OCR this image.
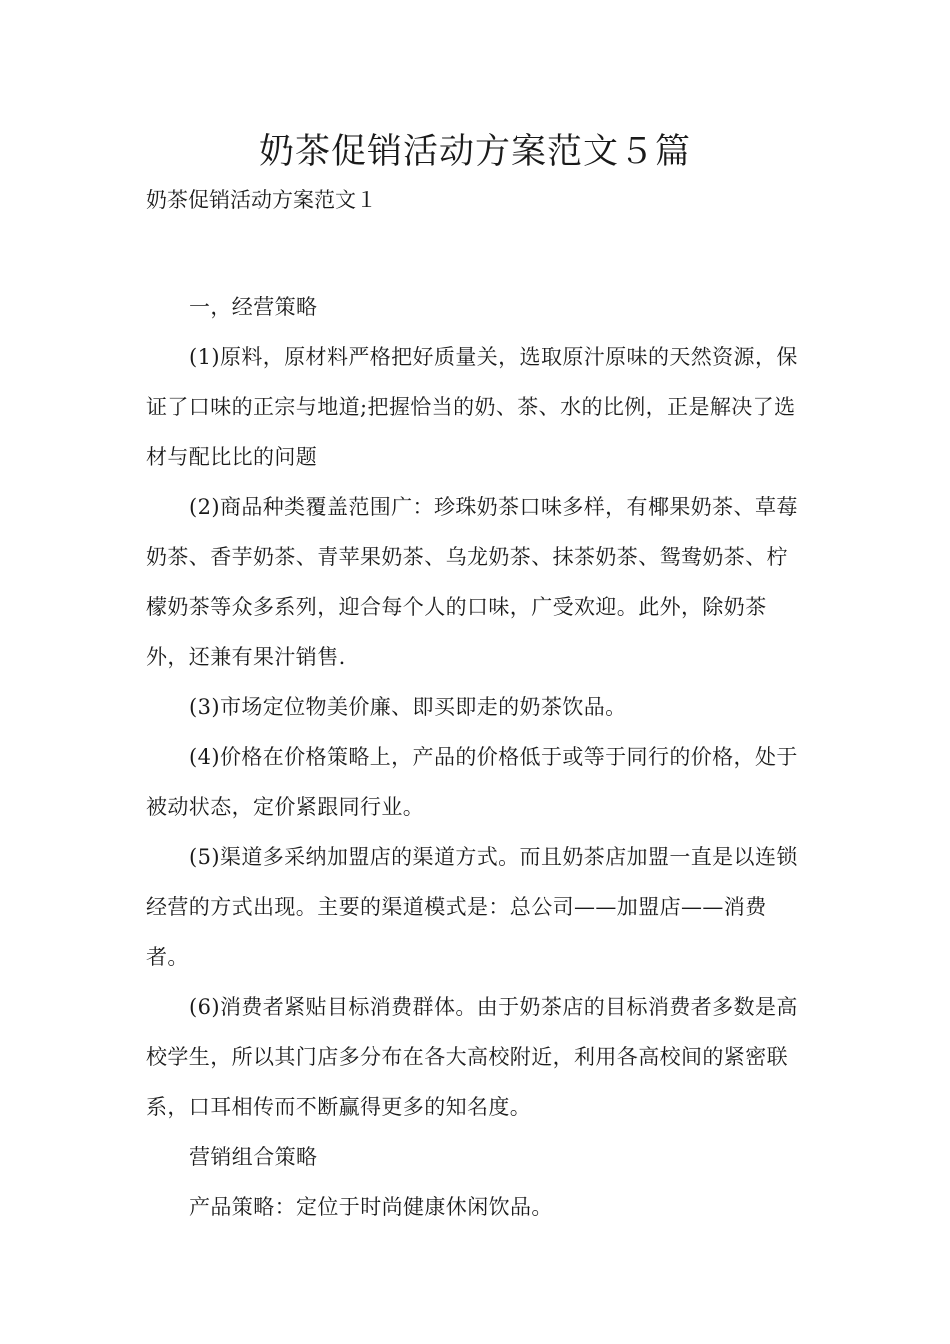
奶茶促销活动方案范文５篇
奶茶促销活动方案范文１

一，经营策略

(1)原料，原材料严格把好质量关，选取原汁原味的天然资源，保证了口味的正宗与地道;把握恰当的奶、茶、水的比例，正是解决了选材与配比比的问题

(2)商品种类覆盖范围广：珍珠奶茶口味多样，有椰果奶茶、草莓奶茶、香芋奶茶、青苹果奶茶、乌龙奶茶、抹茶奶茶、鸳鸯奶茶、柠檬奶茶等众多系列，迎合每个人的口味，广受欢迎。此外，除奶茶外，还兼有果汁销售.

(3)市场定位物美价廉、即买即走的奶茶饮品。

(4)价格在价格策略上，产品的价格低于或等于同行的价格，处于被动状态，定价紧跟同行业。

(5)渠道多采纳加盟店的渠道方式。而且奶茶店加盟一直是以连锁经营的方式出现。主要的渠道模式是：总公司——加盟店——消费者。

(6)消费者紧贴目标消费群体。由于奶茶店的目标消费者多数是高校学生，所以其门店多分布在各大高校附近，利用各高校间的紧密联系，口耳相传而不断赢得更多的知名度。

营销组合策略

产品策略：定位于时尚健康休闲饮品。
